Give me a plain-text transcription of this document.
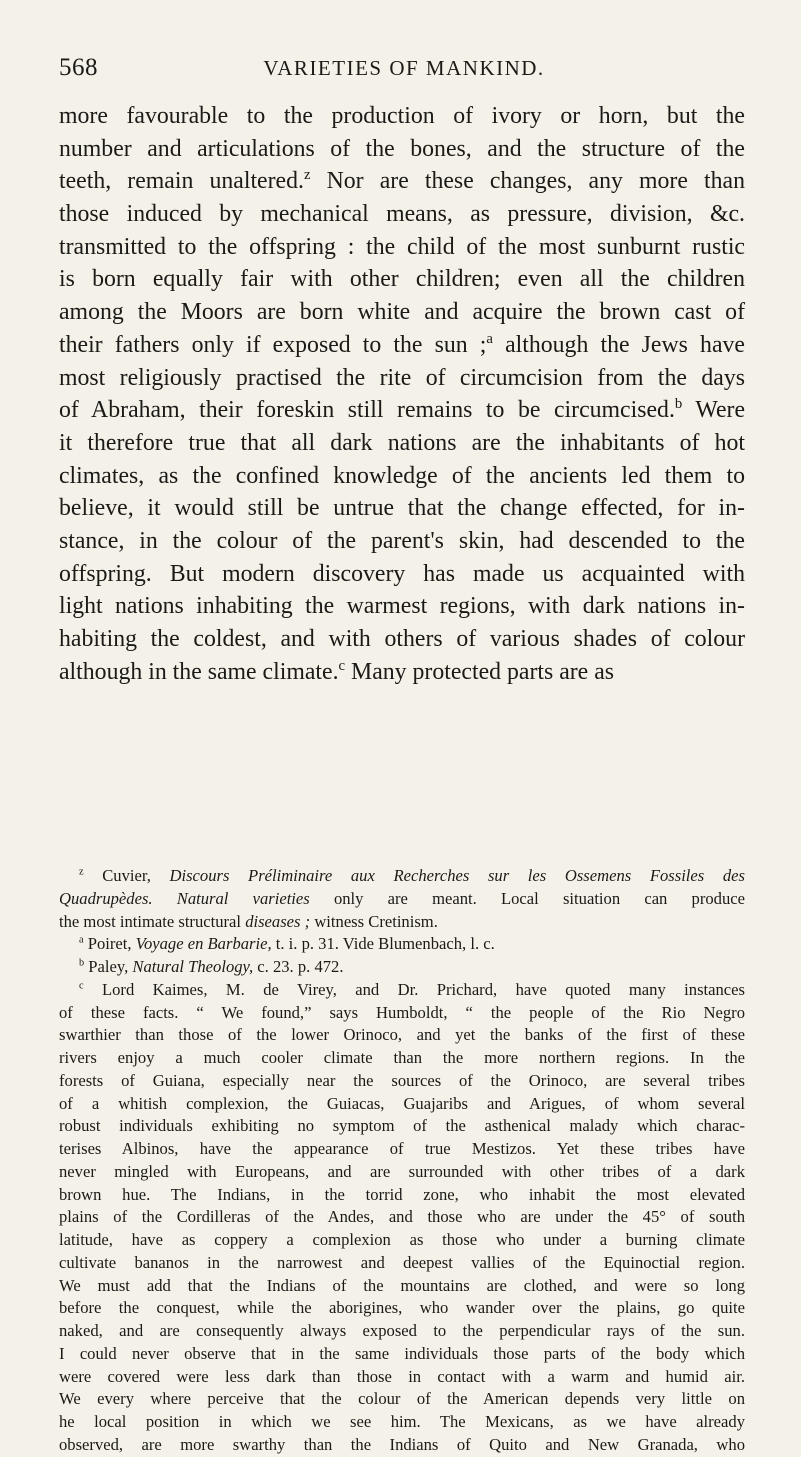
568	VARIETIES OF MANKIND.
more favourable to the production of ivory or horn, but the
number and articulations of the bones, and the structure of the
teeth, remain unaltered.$^z$ Nor are these changes, any more than
those induced by mechanical means, as pressure, division, &c.
transmitted to the offspring : the child of the most sunburnt rustic
is born equally fair with other children; even all the children
among the Moors are born white and acquire the brown cast of
their fathers only if exposed to the sun ;$^a$ although the Jews have
most religiously practised the rite of circumcision from the days
of Abraham, their foreskin still remains to be circumcised.$^b$ Were
it therefore true that all dark nations are the inhabitants of hot
climates, as the confined knowledge of the ancients led them to
believe, it would still be untrue that the change effected, for in-
stance, in the colour of the parent's skin, had descended to the
offspring. But modern discovery has made us acquainted with
light nations inhabiting the warmest regions, with dark nations in-
habiting the coldest, and with others of various shades of colour
although in the same climate.$^c$ Many protected parts are as
$^z$ Cuvier, Discours Préliminaire aux Recherches sur les Ossemens Fossiles des
Quadrupèdes. Natural varieties only are meant. Local situation can produce
the most intimate structural diseases ; witness Cretinism.
$^a$ Poiret, Voyage en Barbarie, t. i. p. 31. Vide Blumenbach, l. c.
$^b$ Paley, Natural Theology, c. 23. p. 472.
$^c$ Lord Kaimes, M. de Virey, and Dr. Prichard, have quoted many instances
of these facts. “ We found,” says Humboldt, “ the people of the Rio Negro
swarthier than those of the lower Orinoco, and yet the banks of the first of these
rivers enjoy a much cooler climate than the more northern regions. In the
forests of Guiana, especially near the sources of the Orinoco, are several tribes
of a whitish complexion, the Guiacas, Guajaribs and Arigues, of whom several
robust individuals exhibiting no symptom of the asthenical malady which charac-
terises Albinos, have the appearance of true Mestizos. Yet these tribes have
never mingled with Europeans, and are surrounded with other tribes of a dark
brown hue. The Indians, in the torrid zone, who inhabit the most elevated
plains of the Cordilleras of the Andes, and those who are under the 45° of south
latitude, have as coppery a complexion as those who under a burning climate
cultivate bananos in the narrowest and deepest vallies of the Equinoctial region.
We must add that the Indians of the mountains are clothed, and were so long
before the conquest, while the aborigines, who wander over the plains, go quite
naked, and are consequently always exposed to the perpendicular rays of the sun.
I could never observe that in the same individuals those parts of the body which
were covered were less dark than those in contact with a warm and humid air.
We every where perceive that the colour of the American depends very little on
he local position in which we see him. The Mexicans, as we have already
observed, are more swarthy than the Indians of Quito and New Granada, who
